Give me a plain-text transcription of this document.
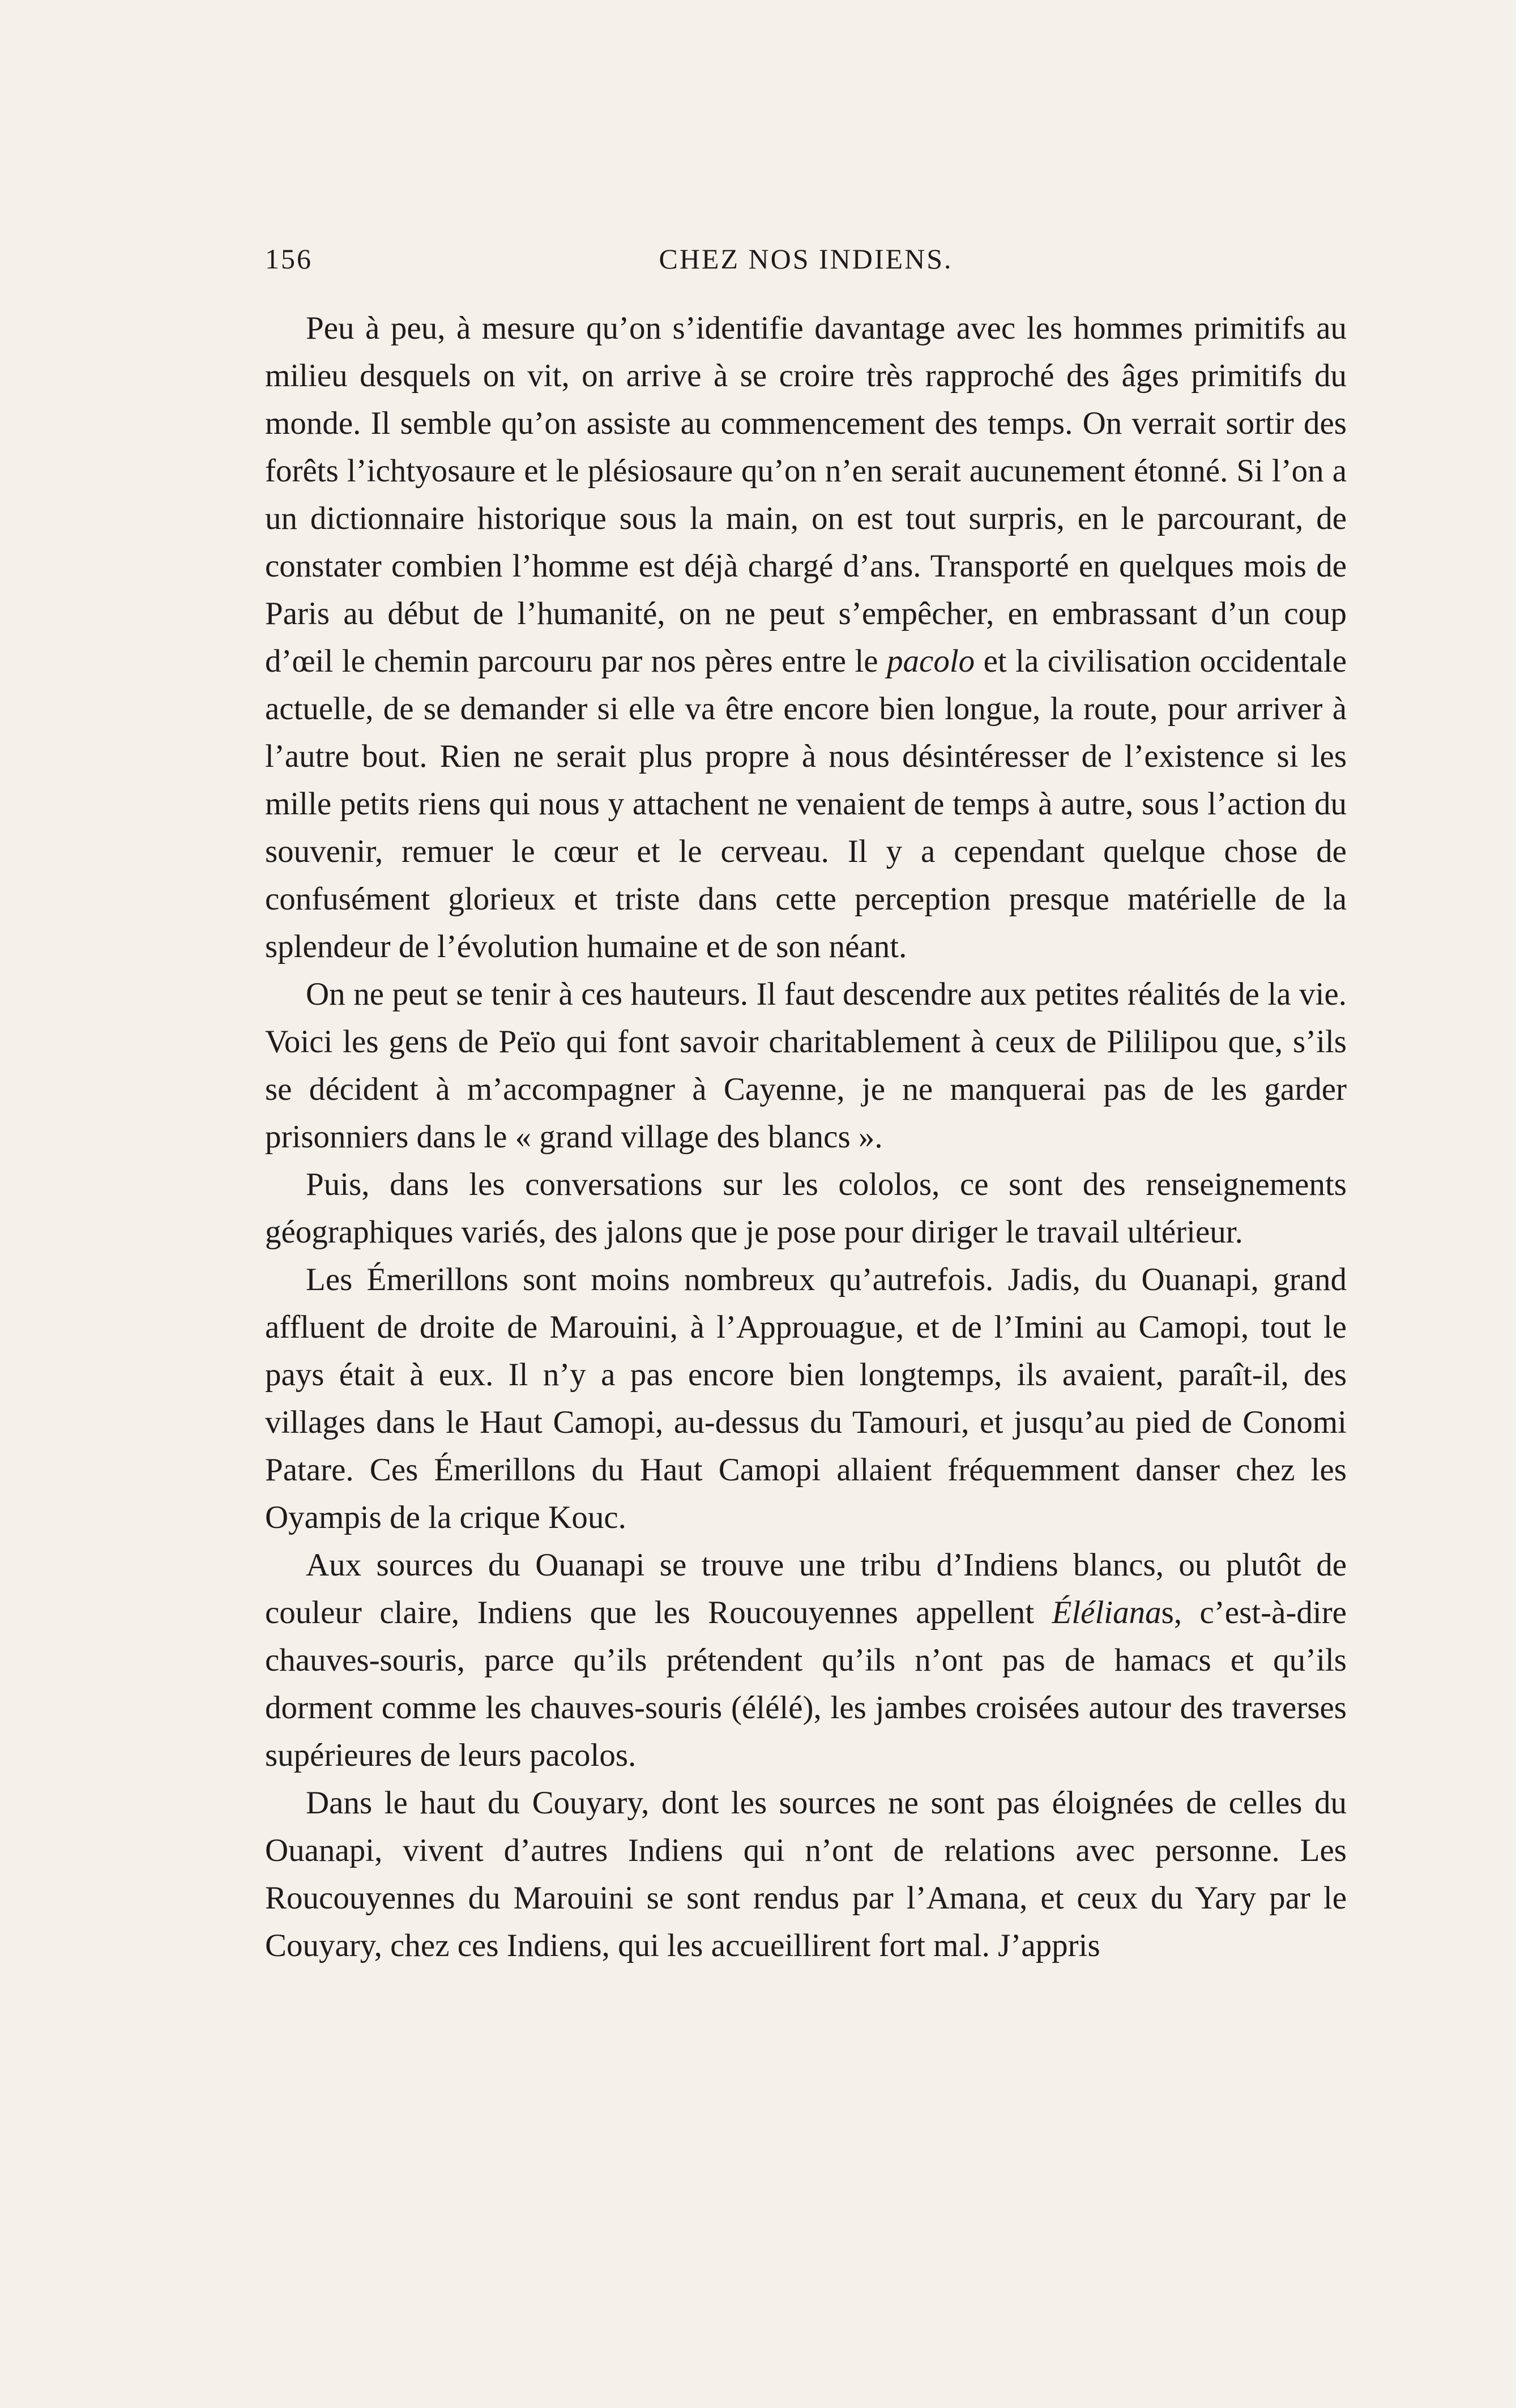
156	CHEZ NOS INDIENS.

Peu à peu, à mesure qu’on s’identifie davantage avec les hommes primitifs au milieu desquels on vit, on arrive à se croire très rapproché des âges primitifs du monde. Il semble qu’on assiste au commencement des temps. On verrait sortir des forêts l’ichtyosaure et le plésiosaure qu’on n’en serait aucunement étonné. Si l’on a un dictionnaire historique sous la main, on est tout surpris, en le parcourant, de constater combien l’homme est déjà chargé d’ans. Transporté en quelques mois de Paris au début de l’humanité, on ne peut s’empêcher, en embrassant d’un coup d’œil le chemin parcouru par nos pères entre le pacolo et la civilisation occidentale actuelle, de se demander si elle va être encore bien longue, la route, pour arriver à l’autre bout. Rien ne serait plus propre à nous désintéresser de l’existence si les mille petits riens qui nous y attachent ne venaient de temps à autre, sous l’action du souvenir, remuer le cœur et le cerveau. Il y a cependant quelque chose de confusément glorieux et triste dans cette perception presque matérielle de la splendeur de l’évolution humaine et de son néant.

On ne peut se tenir à ces hauteurs. Il faut descendre aux petites réalités de la vie. Voici les gens de Peïo qui font savoir charitablement à ceux de Pililipou que, s’ils se décident à m’accompagner à Cayenne, je ne manquerai pas de les garder prisonniers dans le « grand village des blancs ».

Puis, dans les conversations sur les cololos, ce sont des renseignements géographiques variés, des jalons que je pose pour diriger le travail ultérieur.

Les Émerillons sont moins nombreux qu’autrefois. Jadis, du Ouanapi, grand affluent de droite de Marouini, à l’Approuague, et de l’Imini au Camopi, tout le pays était à eux. Il n’y a pas encore bien longtemps, ils avaient, paraît-il, des villages dans le Haut Camopi, au-dessus du Tamouri, et jusqu’au pied de Conomi Patare. Ces Émerillons du Haut Camopi allaient fréquemment danser chez les Oyampis de la crique Kouc.

Aux sources du Ouanapi se trouve une tribu d’Indiens blancs, ou plutôt de couleur claire, Indiens que les Roucouyennes appellent Élélianas, c’est-à-dire chauves-souris, parce qu’ils prétendent qu’ils n’ont pas de hamacs et qu’ils dorment comme les chauves-souris (élélé), les jambes croisées autour des traverses supérieures de leurs pacolos.

Dans le haut du Couyary, dont les sources ne sont pas éloignées de celles du Ouanapi, vivent d’autres Indiens qui n’ont de relations avec personne. Les Roucouyennes du Marouini se sont rendus par l’Amana, et ceux du Yary par le Couyary, chez ces Indiens, qui les accueillirent fort mal. J’appris
